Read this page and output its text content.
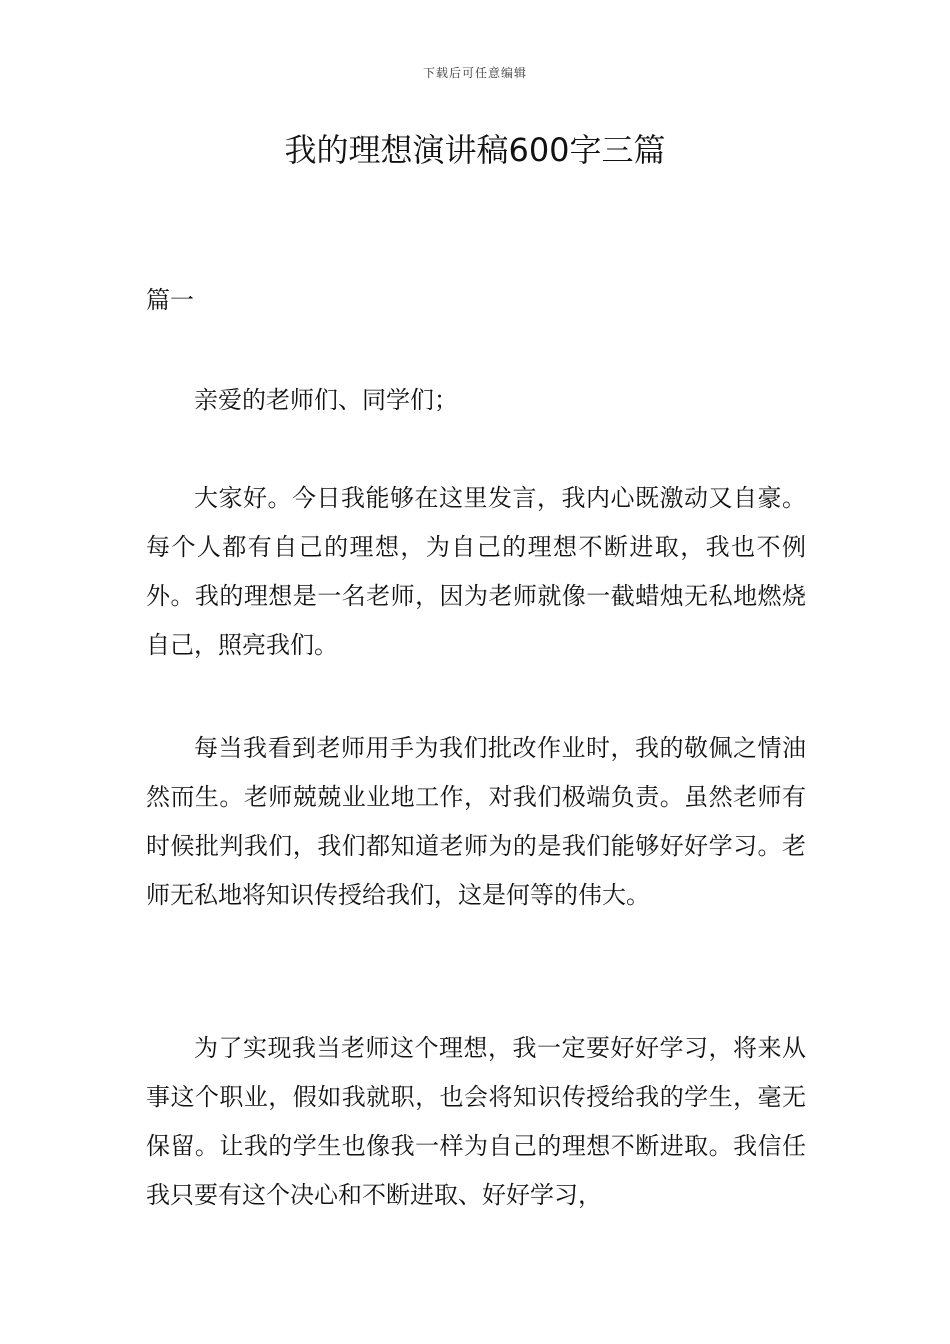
下载后可任意编辑
我的理想演讲稿600字三篇
篇一

亲爱的老师们、同学们；

大家好。今日我能够在这里发言，我内心既激动又自豪。每个人都有自己的理想，为自己的理想不断进取，我也不例外。我的理想是一名老师，因为老师就像一截蜡烛无私地燃烧自己，照亮我们。

每当我看到老师用手为我们批改作业时，我的敬佩之情油然而生。老师兢兢业业地工作，对我们极端负责。虽然老师有时候批判我们，我们都知道老师为的是我们能够好好学习。老师无私地将知识传授给我们，这是何等的伟大。

为了实现我当老师这个理想，我一定要好好学习，将来从事这个职业，假如我就职，也会将知识传授给我的学生，毫无保留。让我的学生也像我一样为自己的理想不断进取。我信任我只要有这个决心和不断进取、好好学习，
